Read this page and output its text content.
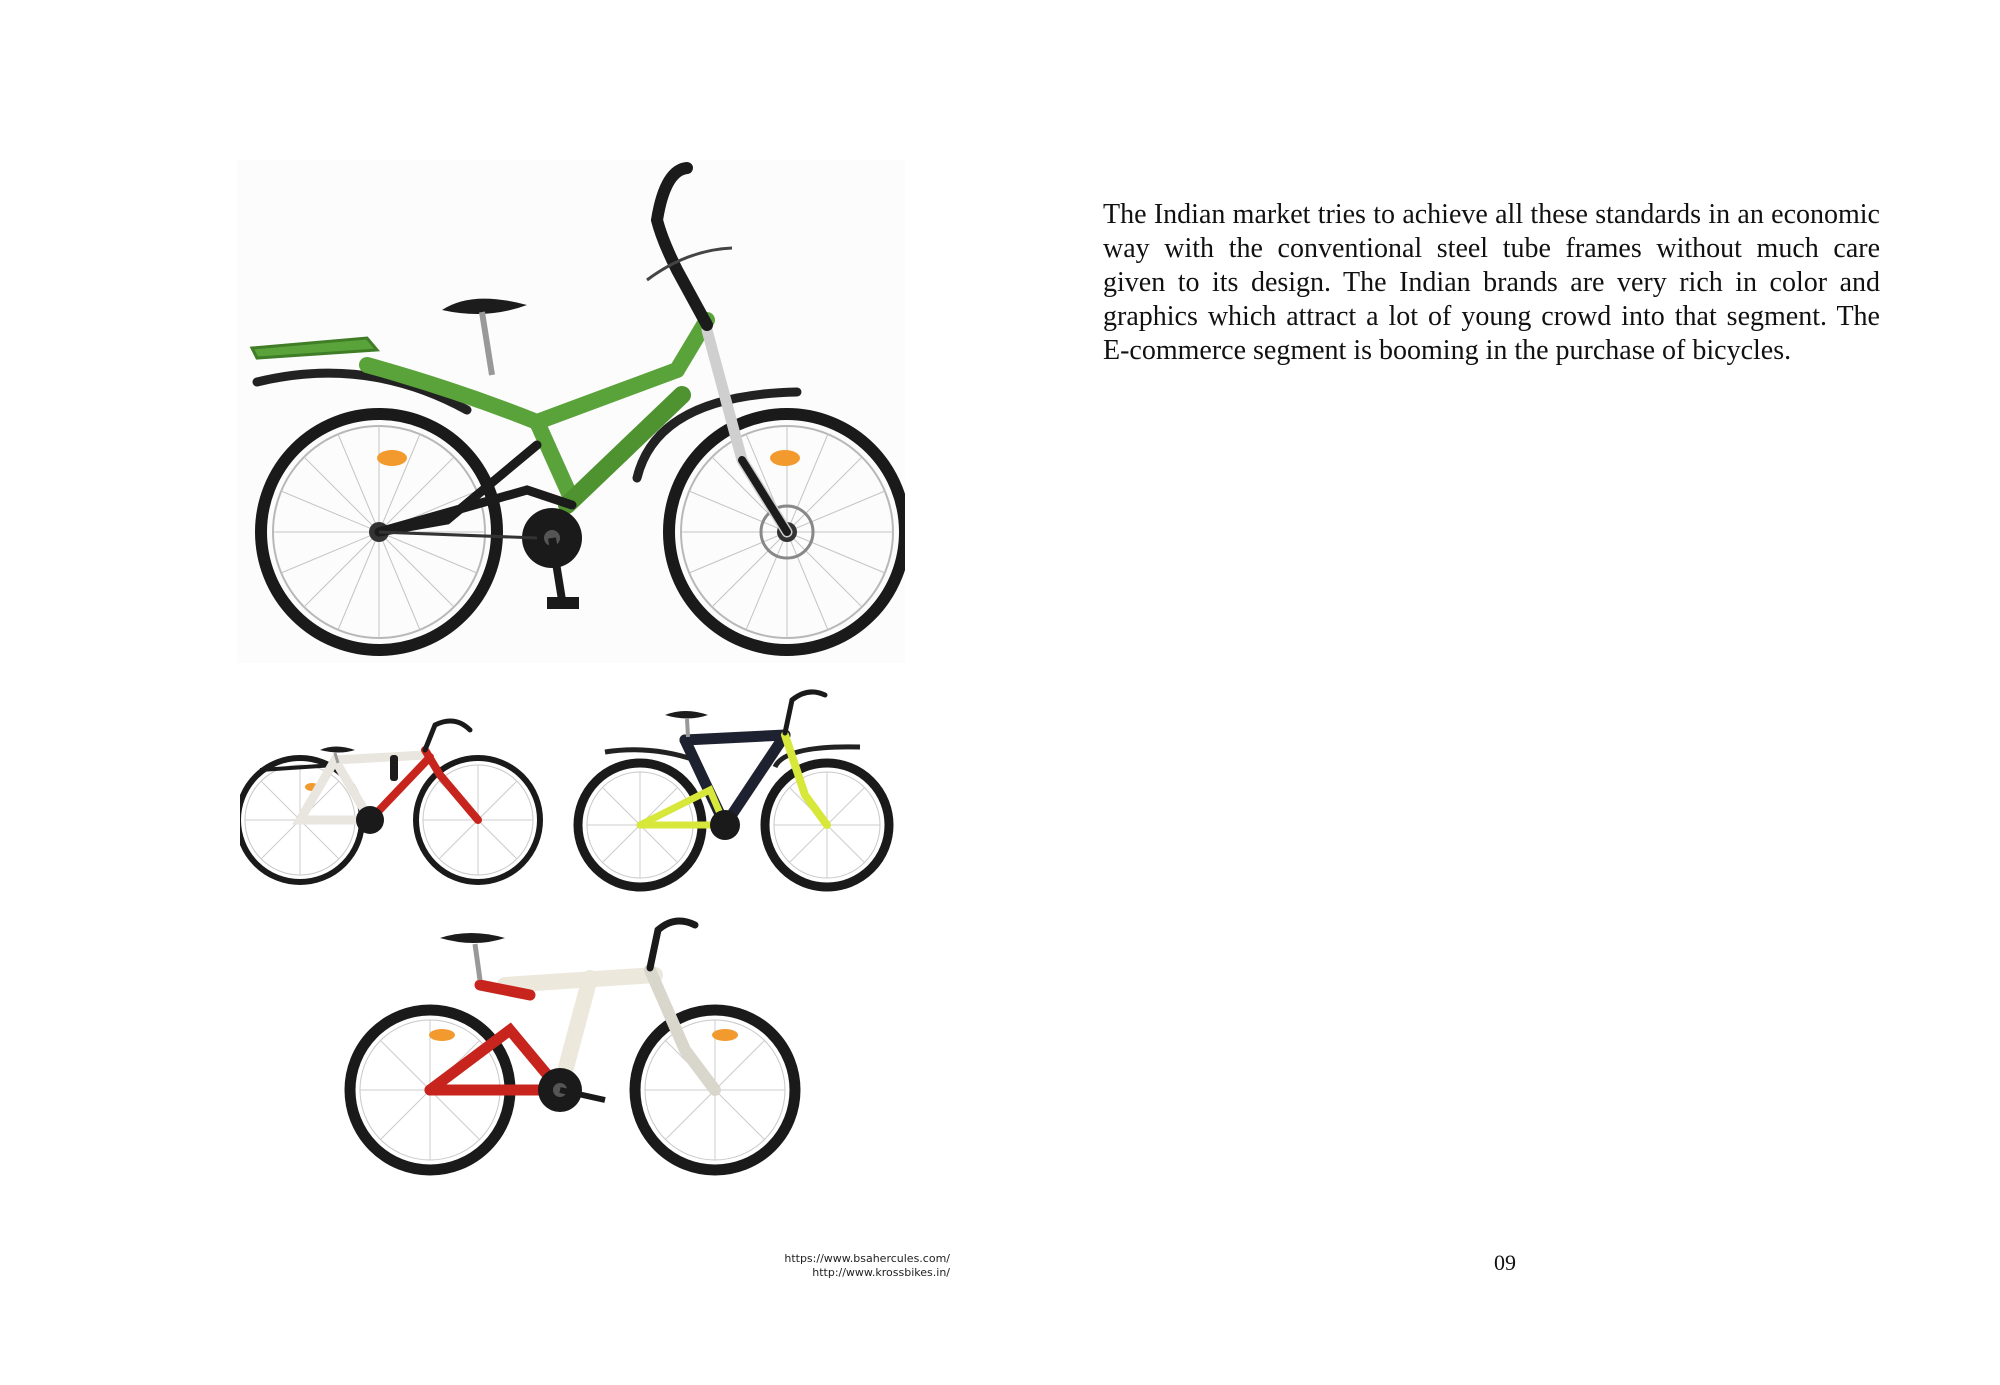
The Indian market tries to achieve all these standards in an economic way with the conventional steel tube frames without much care given to its design. The Indian brands are very rich in color and graphics which attract a lot of young crowd into that segment. The E-commerce segment is booming in the purchase of bicycles.

https://www.bsahercules.com/
http://www.krossbikes.in/	09
